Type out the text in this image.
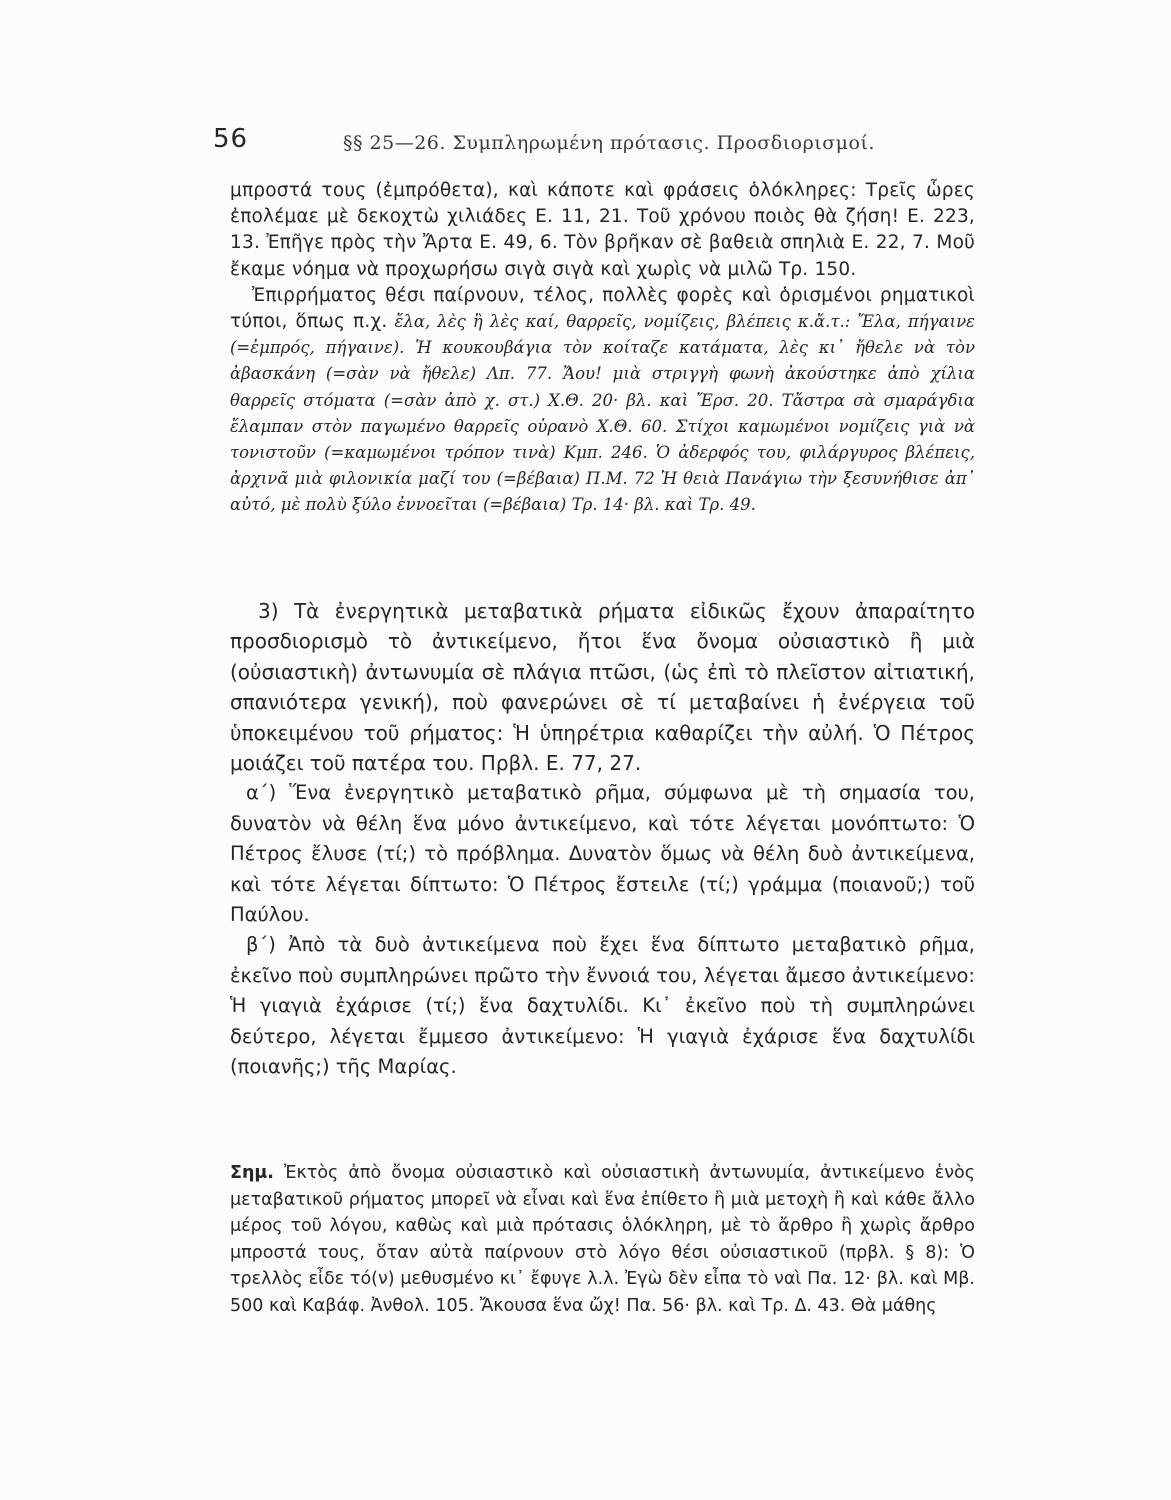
56	§§ 25—26. Συμπληρωμένη πρότασις. Προσδιορισμοί.

μπροστά τους (ἐμπρόθετα), καὶ κάποτε καὶ φράσεις ὁλόκληρες: Τρεῖς ὧρες ἐπολέμαε μὲ δεκοχτὼ χιλιάδες Ε. 11, 21. Τοῦ χρόνου ποιὸς θὰ ζήση! Ε. 223, 13. Ἐπῆγε πρὸς τὴν Ἄρτα Ε. 49, 6. Τὸν βρῆκαν σὲ βαθειὰ σπηλιὰ Ε. 22, 7. Μοῦ ἔκαμε νόημα νὰ προχωρήσω σιγὰ σιγὰ καὶ χωρὶς νὰ μιλῶ Τρ. 150.

Ἐπιρρήματος θέσι παίρνουν, τέλος, πολλὲς φορὲς καὶ ὁρισμένοι ρηματικοὶ τύποι, ὅπως π.χ. ἔλα, λὲς ἢ λὲς καί, θαρρεῖς, νομίζεις, βλέπεις κ.ἄ.τ.: Ἔλα, πήγαινε (=ἐμπρός, πήγαινε). Ἡ κουκουβάγια τὸν κοίταζε κατάματα, λὲς κι᾿ ἤθελε νὰ τὸν ἀβασκάνη (=σὰν νὰ ἤθελε) Λπ. 77. Ἄου! μιὰ στριγγὴ φωνὴ ἀκούστηκε ἀπὸ χίλια θαρρεῖς στόματα (=σὰν ἀπὸ χ. στ.) Χ.Θ. 20· βλ. καὶ Ἔρσ. 20. Τἄστρα σὰ σμαράγδια ἔλαμπαν στὸν παγωμένο θαρρεῖς οὐρανὸ Χ.Θ. 60. Στίχοι καμωμένοι νομίζεις γιὰ νὰ τονιστοῦν (=καμωμένοι τρόπον τινὰ) Κμπ. 246. Ὁ ἀδερφός του, φιλάργυρος βλέπεις, ἀρχινᾶ μιὰ φιλονικία μαζί του (=βέβαια) Π.Μ. 72 Ἡ θειὰ Πανάγιω τὴν ξεσυνήθισε ἀπ᾿ αὐτό, μὲ πολὺ ξύλο ἐννοεῖται (=βέβαια) Τρ. 14· βλ. καὶ Τρ. 49.

3) Τὰ ἐνεργητικὰ μεταβατικὰ ρήματα εἰδικῶς ἔχουν ἀπαραίτητο προσδιορισμὸ τὸ ἀντικείμενο, ἤτοι ἕνα ὄνομα οὐσιαστικὸ ἢ μιὰ (οὐσιαστικὴ) ἀντωνυμία σὲ πλάγια πτῶσι, (ὡς ἐπὶ τὸ πλεῖστον αἰτιατική, σπανιότερα γενική), ποὺ φανερώνει σὲ τί μεταβαίνει ἡ ἐνέργεια τοῦ ὑποκειμένου τοῦ ρήματος: Ἡ ὑπηρέτρια καθαρίζει τὴν αὐλή. Ὁ Πέτρος μοιάζει τοῦ πατέρα του. Πρβλ. Ε. 77, 27.

α΄) Ἕνα ἐνεργητικὸ μεταβατικὸ ρῆμα, σύμφωνα μὲ τὴ σημασία του, δυνατὸν νὰ θέλη ἕνα μόνο ἀντικείμενο, καὶ τότε λέγεται μονόπτωτο: Ὁ Πέτρος ἔλυσε (τί;) τὸ πρόβλημα. Δυνατὸν ὅμως νὰ θέλη δυὸ ἀντικείμενα, καὶ τότε λέγεται δίπτωτο: Ὁ Πέτρος ἔστειλε (τί;) γράμμα (ποιανοῦ;) τοῦ Παύλου.

β΄) Ἀπὸ τὰ δυὸ ἀντικείμενα ποὺ ἔχει ἕνα δίπτωτο μεταβατικὸ ρῆμα, ἐκεῖνο ποὺ συμπληρώνει πρῶτο τὴν ἔννοιά του, λέγεται ἄμεσο ἀντικείμενο: Ἡ γιαγιὰ ἐχάρισε (τί;) ἕνα δαχτυλίδι. Κι᾿ ἐκεῖνο ποὺ τὴ συμπληρώνει δεύτερο, λέγεται ἔμμεσο ἀντικείμενο: Ἡ γιαγιὰ ἐχάρισε ἕνα δαχτυλίδι (ποιανῆς;) τῆς Μαρίας.

Σημ. Ἐκτὸς ἀπὸ ὄνομα οὐσιαστικὸ καὶ οὐσιαστικὴ ἀντωνυμία, ἀντικείμενο ἑνὸς μεταβατικοῦ ρήματος μπορεῖ νὰ εἶναι καὶ ἕνα ἐπίθετο ἢ μιὰ μετοχὴ ἢ καὶ κάθε ἄλλο μέρος τοῦ λόγου, καθὼς καὶ μιὰ πρότασις ὁλόκληρη, μὲ τὸ ἄρθρο ἢ χωρὶς ἄρθρο μπροστά τους, ὅταν αὐτὰ παίρνουν στὸ λόγο θέσι οὐσιαστικοῦ (πρβλ. § 8): Ὁ τρελλὸς εἶδε τό(ν) μεθυσμένο κι᾿ ἔφυγε λ.λ. Ἐγὼ δὲν εἶπα τὸ ναὶ Πα. 12· βλ. καὶ Μβ. 500 καὶ Καβάφ. Ἀνθολ. 105. Ἄκουσα ἕνα ὤχ! Πα. 56· βλ. καὶ Τρ. Δ. 43. Θὰ μάθης
